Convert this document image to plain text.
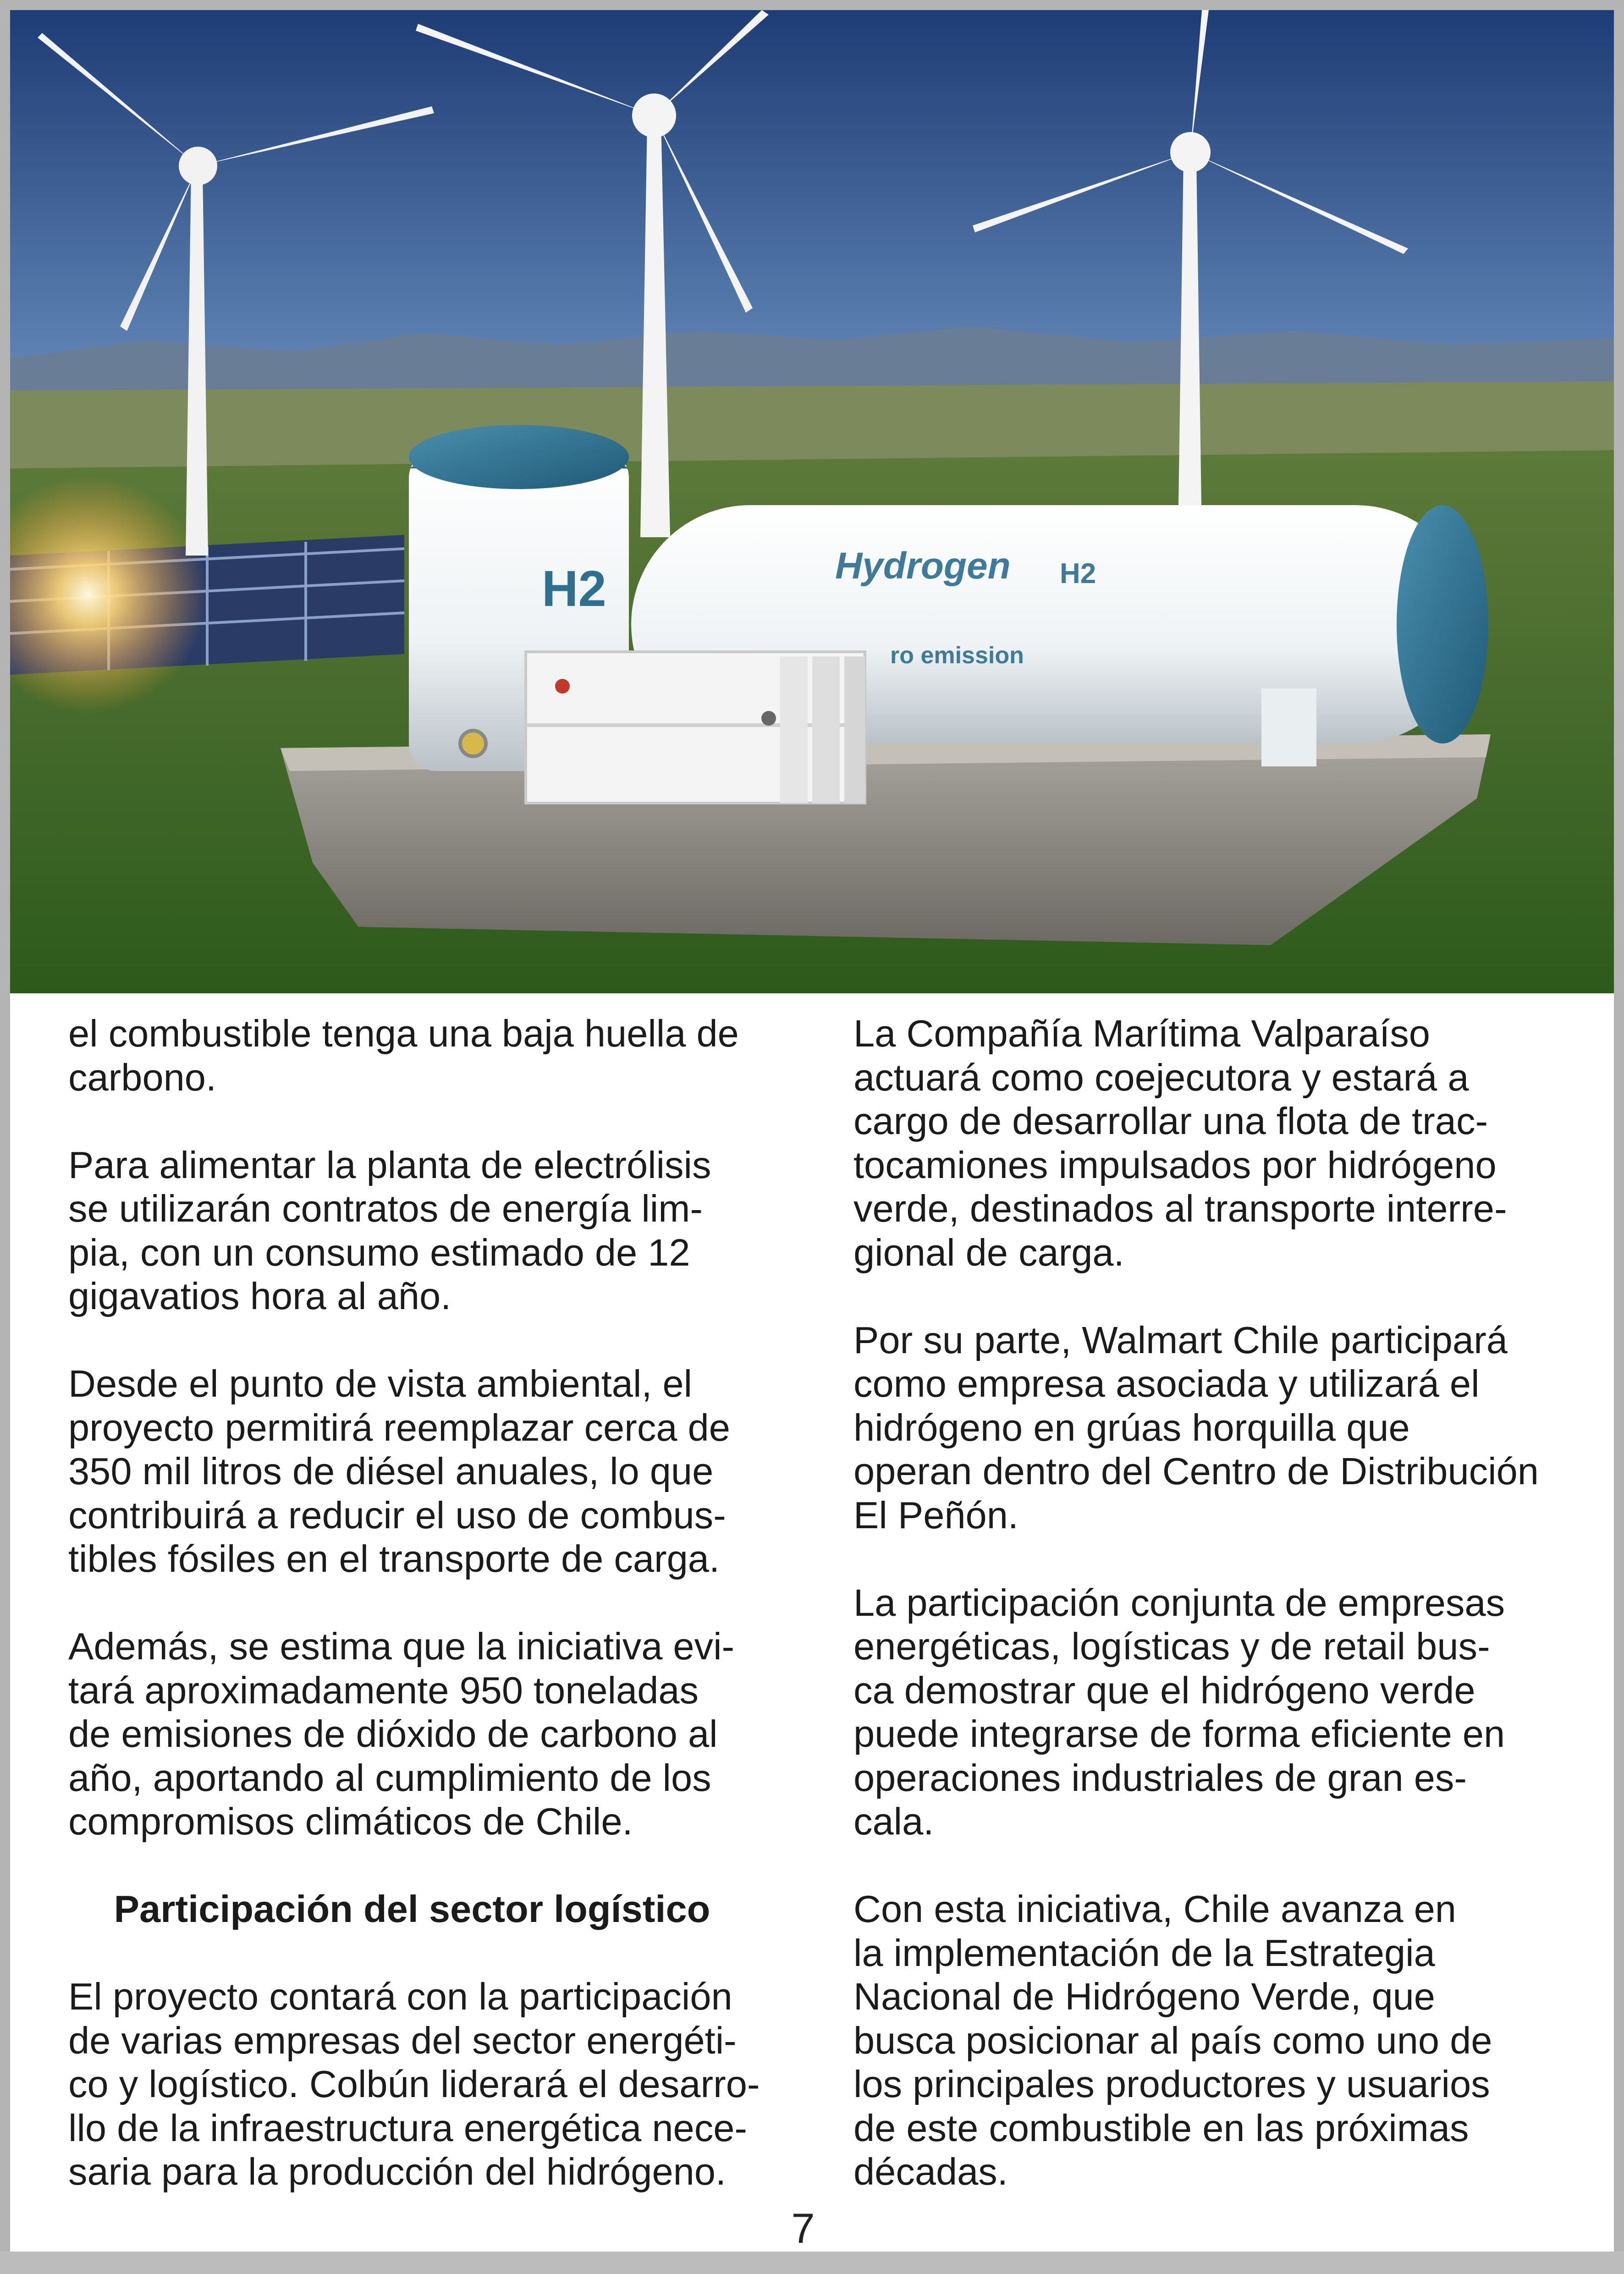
Hydrogen H2
ro emission
H2

el combustible tenga una baja huella de
carbono.

Para alimentar la planta de electrólisis
se utilizarán contratos de energía lim-
pia, con un consumo estimado de 12
gigavatios hora al año.

Desde el punto de vista ambiental, el
proyecto permitirá reemplazar cerca de
350 mil litros de diésel anuales, lo que
contribuirá a reducir el uso de combus-
tibles fósiles en el transporte de carga.

Además, se estima que la iniciativa evi-
tará aproximadamente 950 toneladas
de emisiones de dióxido de carbono al
año, aportando al cumplimiento de los
compromisos climáticos de Chile.

Participación del sector logístico

El proyecto contará con la participación
de varias empresas del sector energéti-
co y logístico. Colbún liderará el desarro-
llo de la infraestructura energética nece-
saria para la producción del hidrógeno.

La Compañía Marítima Valparaíso
actuará como coejecutora y estará a
cargo de desarrollar una flota de trac-
tocamiones impulsados por hidrógeno
verde, destinados al transporte interre-
gional de carga.

Por su parte, Walmart Chile participará
como empresa asociada y utilizará el
hidrógeno en grúas horquilla que
operan dentro del Centro de Distribución
El Peñón.

La participación conjunta de empresas
energéticas, logísticas y de retail bus-
ca demostrar que el hidrógeno verde
puede integrarse de forma eficiente en
operaciones industriales de gran es-
cala.

Con esta iniciativa, Chile avanza en
la implementación de la Estrategia
Nacional de Hidrógeno Verde, que
busca posicionar al país como uno de
los principales productores y usuarios
de este combustible en las próximas
décadas.

7
